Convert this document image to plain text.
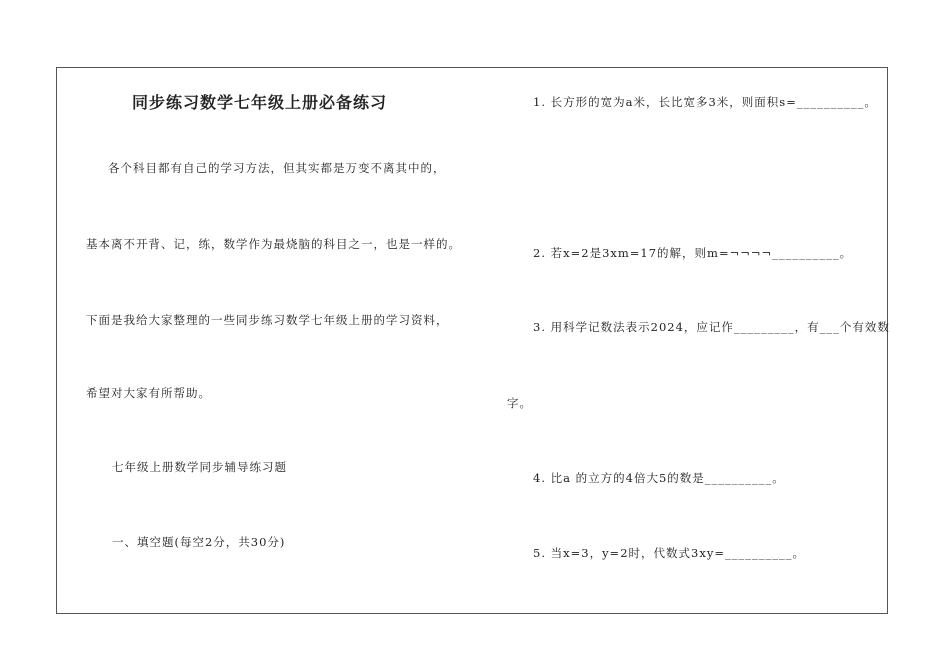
同步练习数学七年级上册必备练习
各个科目都有自己的学习方法，但其实都是万变不离其中的，
基本离不开背、记，练，数学作为最烧脑的科目之一，也是一样的。
下面是我给大家整理的一些同步练习数学七年级上册的学习资料，
希望对大家有所帮助。
七年级上册数学同步辅导练习题
一、填空题(每空2分，共30分)
1. 长方形的宽为a米，长比宽多3米，则面积s=__________。
2. 若x=2是3xm=17的解，则m=¬¬¬¬__________。
3. 用科学记数法表示2024，应记作_________，有___个有效数
字。
4. 比a 的立方的4倍大5的数是__________。
5. 当x=3，y=2时，代数式3xy=__________。
